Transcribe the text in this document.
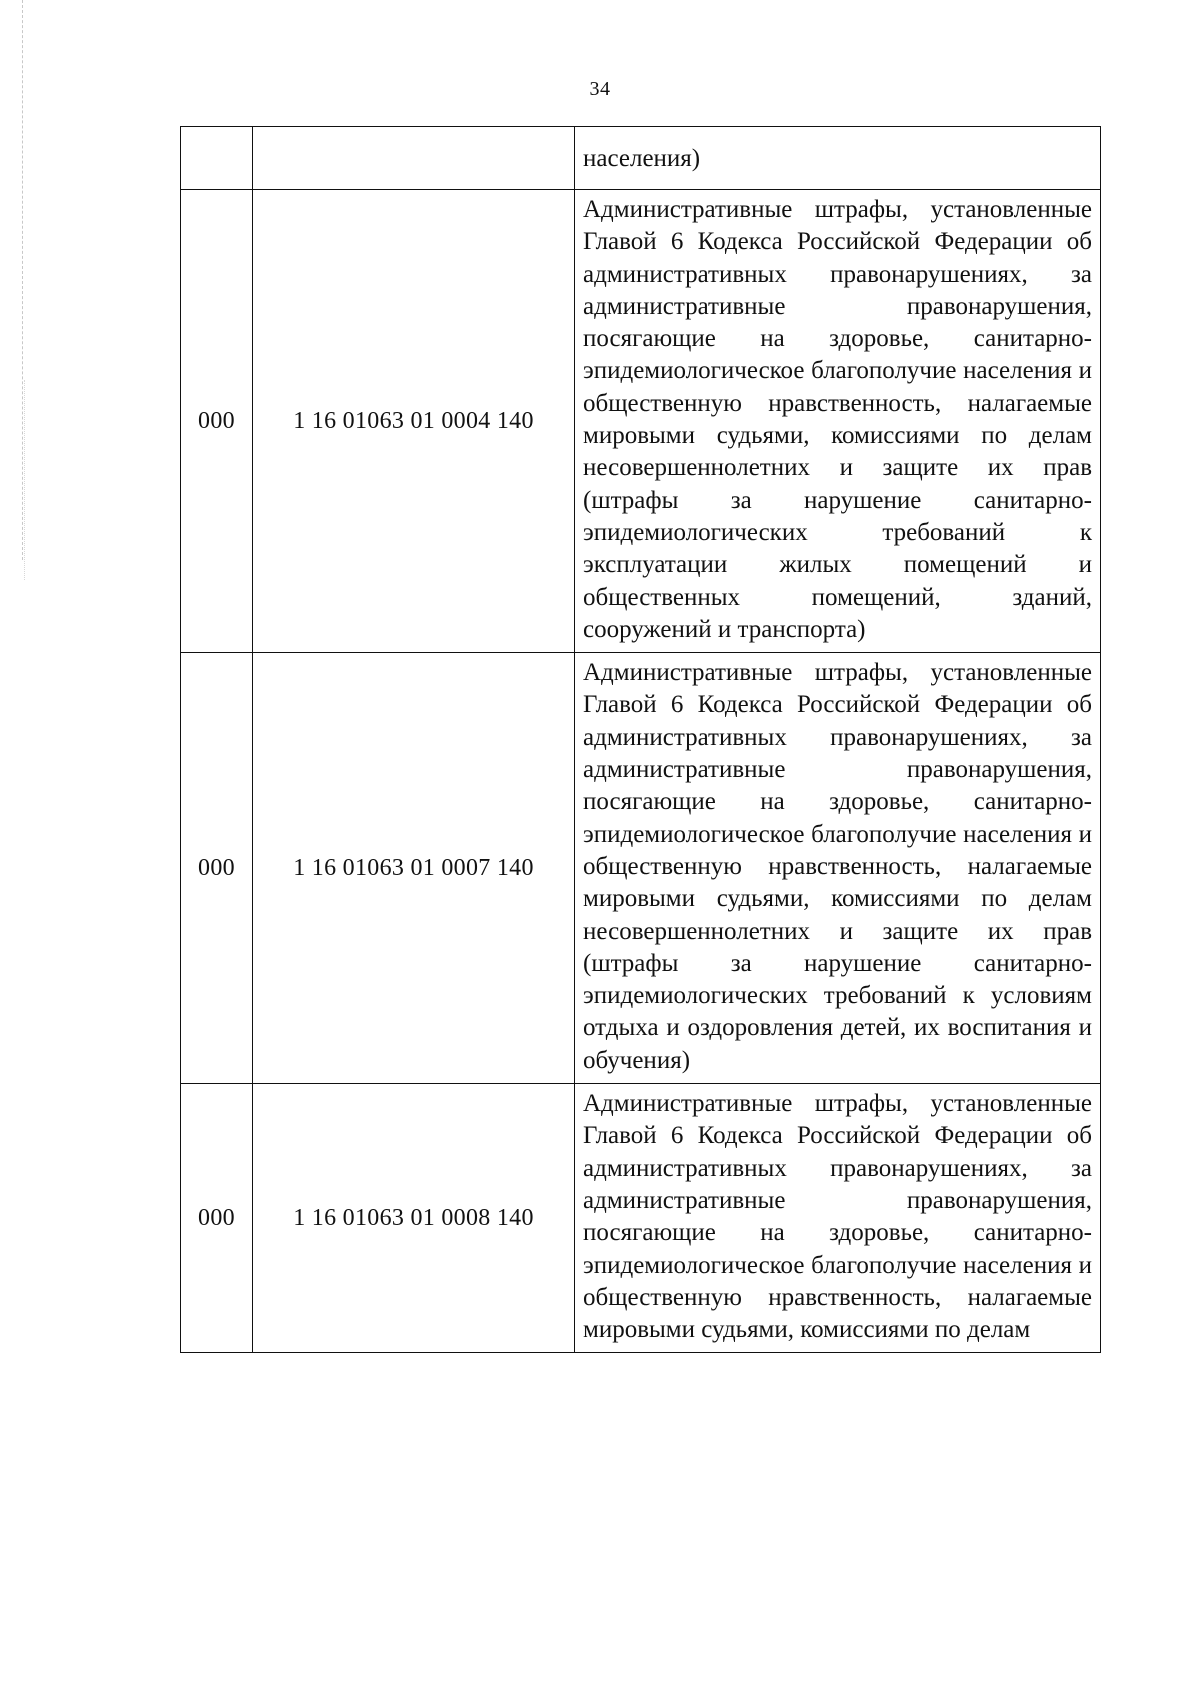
34

		населения)

000	1 16 01063 01 0004 140	Административные штрафы, установленные Главой 6 Кодекса Российской Федерации об административных правонарушениях, за административные правонарушения, посягающие на здоровье, санитарно-эпидемиологическое благополучие населения и общественную нравственность, налагаемые мировыми судьями, комиссиями по делам несовершеннолетних и защите их прав (штрафы за нарушение санитарно-эпидемиологических требований к эксплуатации жилых помещений и общественных помещений, зданий, сооружений и транспорта)

000	1 16 01063 01 0007 140	Административные штрафы, установленные Главой 6 Кодекса Российской Федерации об административных правонарушениях, за административные правонарушения, посягающие на здоровье, санитарно-эпидемиологическое благополучие населения и общественную нравственность, налагаемые мировыми судьями, комиссиями по делам несовершеннолетних и защите их прав (штрафы за нарушение санитарно-эпидемиологических требований к условиям отдыха и оздоровления детей, их воспитания и обучения)

000	1 16 01063 01 0008 140	Административные штрафы, установленные Главой 6 Кодекса Российской Федерации об административных правонарушениях, за административные правонарушения, посягающие на здоровье, санитарно-эпидемиологическое благополучие населения и общественную нравственность, налагаемые мировыми судьями, комиссиями по делам
